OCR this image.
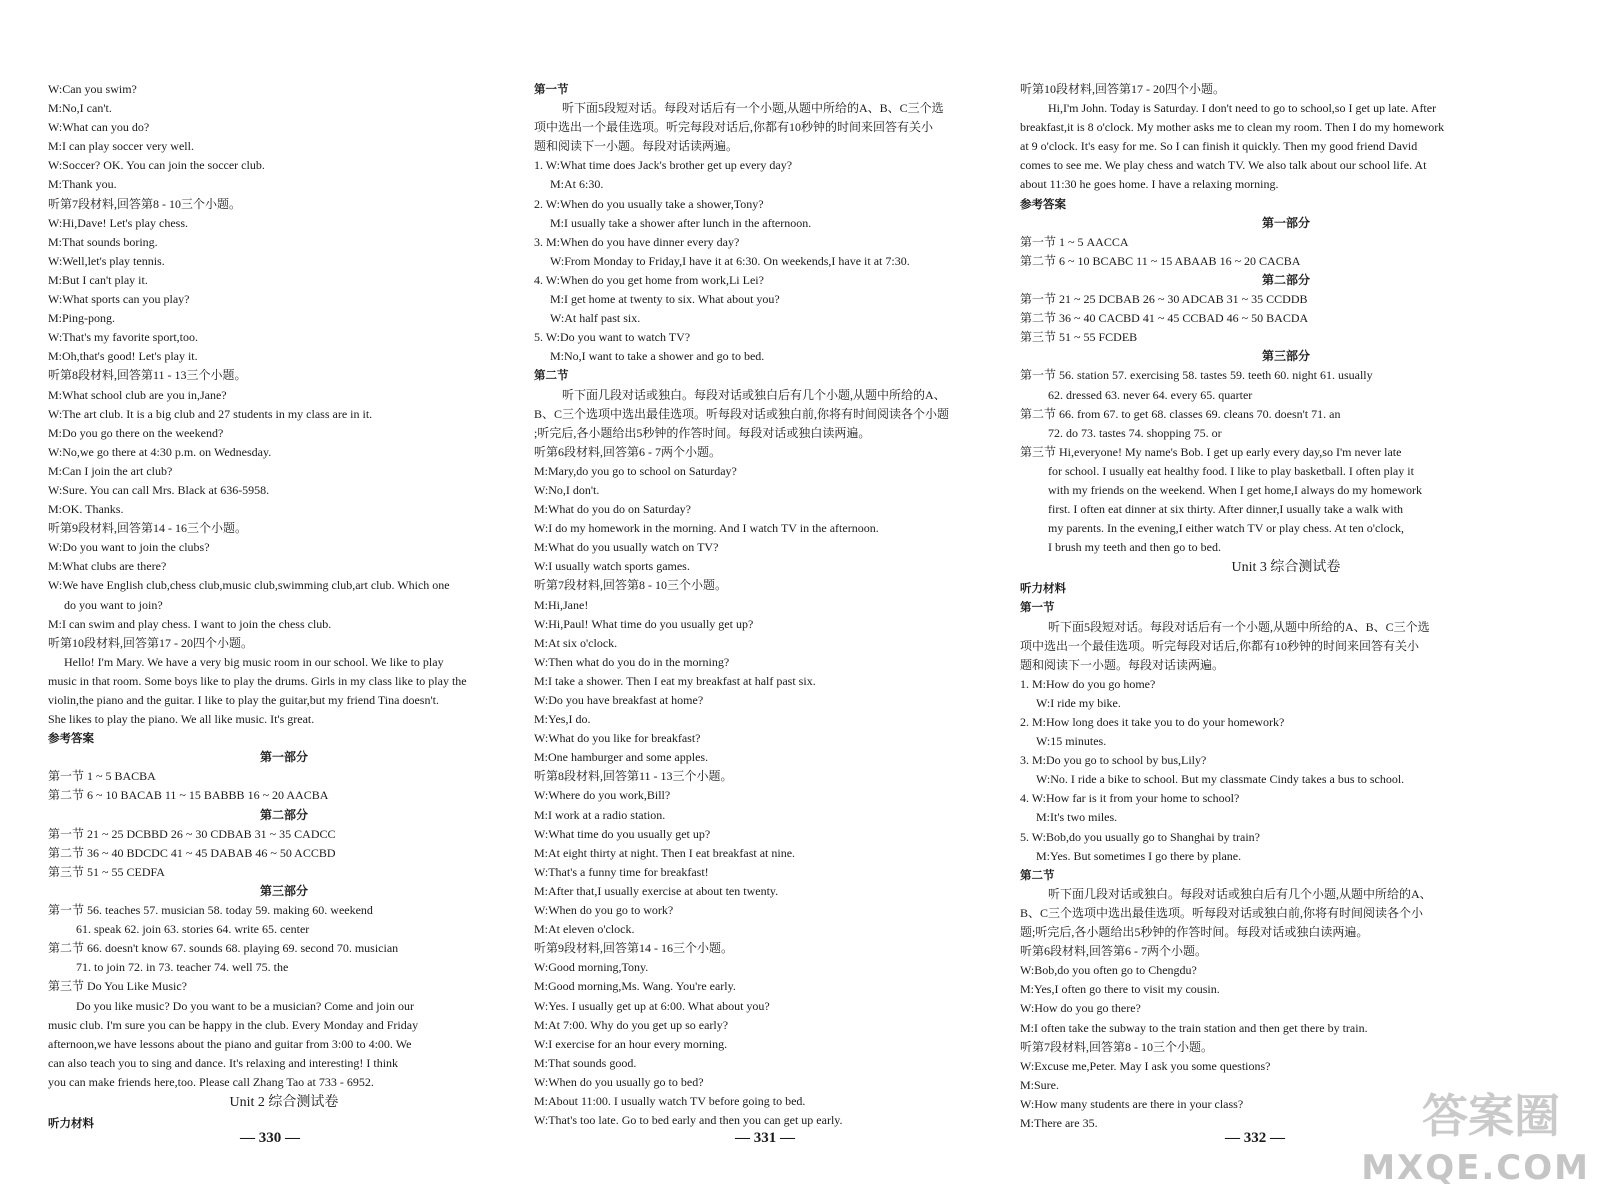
W:Can you swim?
M:No,I can't.
W:What can you do?
M:I can play soccer very well.
W:Soccer? OK. You can join the soccer club.
M:Thank you.
听第7段材料,回答第8 - 10三个小题。
W:Hi,Dave! Let's play chess.
M:That sounds boring.
W:Well,let's play tennis.
M:But I can't play it.
W:What sports can you play?
M:Ping-pong.
W:That's my favorite sport,too.
M:Oh,that's good! Let's play it.
听第8段材料,回答第11 - 13三个小题。
M:What school club are you in,Jane?
W:The art club. It is a big club and 27 students in my class are in it.
M:Do you go there on the weekend?
W:No,we go there at 4:30 p.m. on Wednesday.
M:Can I join the art club?
W:Sure. You can call Mrs. Black at 636-5958.
M:OK. Thanks.
听第9段材料,回答第14 - 16三个小题。
W:Do you want to join the clubs?
M:What clubs are there?
W:We have English club,chess club,music club,swimming club,art club. Which one
do you want to join?
M:I can swim and play chess. I want to join the chess club.
听第10段材料,回答第17 - 20四个小题。
Hello! I'm Mary. We have a very big music room in our school. We like to play
music in that room. Some boys like to play the drums. Girls in my class like to play the
violin,the piano and the guitar. I like to play the guitar,but my friend Tina doesn't.
She likes to play the piano. We all like music. It's great.
参考答案
第一部分
第一节 1 ~ 5 BACBA
第二节 6 ~ 10 BACAB 11 ~ 15 BABBB 16 ~ 20 AACBA
第二部分
第一节 21 ~ 25 DCBBD 26 ~ 30 CDBAB 31 ~ 35 CADCC
第二节 36 ~ 40 BDCDC 41 ~ 45 DABAB 46 ~ 50 ACCBD
第三节 51 ~ 55 CEDFA
第三部分
第一节 56. teaches 57. musician 58. today 59. making 60. weekend
61. speak 62. join 63. stories 64. write 65. center
第二节 66. doesn't know 67. sounds 68. playing 69. second 70. musician
71. to join 72. in 73. teacher 74. well 75. the
第三节 Do You Like Music?
Do you like music? Do you want to be a musician? Come and join our
music club. I'm sure you can be happy in the club. Every Monday and Friday
afternoon,we have lessons about the piano and guitar from 3:00 to 4:00. We
can also teach you to sing and dance. It's relaxing and interesting! I think
you can make friends here,too. Please call Zhang Tao at 733 - 6952.
Unit 2 综合测试卷
听力材料
第一节
听下面5段短对话。每段对话后有一个小题,从题中所给的A、B、C三个选
项中选出一个最佳选项。听完每段对话后,你都有10秒钟的时间来回答有关小
题和阅读下一小题。每段对话读两遍。
1. W:What time does Jack's brother get up every day?
M:At 6:30.
2. W:When do you usually take a shower,Tony?
M:I usually take a shower after lunch in the afternoon.
3. M:When do you have dinner every day?
W:From Monday to Friday,I have it at 6:30. On weekends,I have it at 7:30.
4. W:When do you get home from work,Li Lei?
M:I get home at twenty to six. What about you?
W:At half past six.
5. W:Do you want to watch TV?
M:No,I want to take a shower and go to bed.
第二节
听下面几段对话或独白。每段对话或独白后有几个小题,从题中所给的A、
B、C三个选项中选出最佳选项。听每段对话或独白前,你将有时间阅读各个小题
;听完后,各小题给出5秒钟的作答时间。每段对话或独白读两遍。
听第6段材料,回答第6 - 7两个小题。
M:Mary,do you go to school on Saturday?
W:No,I don't.
M:What do you do on Saturday?
W:I do my homework in the morning. And I watch TV in the afternoon.
M:What do you usually watch on TV?
W:I usually watch sports games.
听第7段材料,回答第8 - 10三个小题。
M:Hi,Jane!
W:Hi,Paul! What time do you usually get up?
M:At six o'clock.
W:Then what do you do in the morning?
M:I take a shower. Then I eat my breakfast at half past six.
W:Do you have breakfast at home?
M:Yes,I do.
W:What do you like for breakfast?
M:One hamburger and some apples.
听第8段材料,回答第11 - 13三个小题。
W:Where do you work,Bill?
M:I work at a radio station.
W:What time do you usually get up?
M:At eight thirty at night. Then I eat breakfast at nine.
W:That's a funny time for breakfast!
M:After that,I usually exercise at about ten twenty.
W:When do you go to work?
M:At eleven o'clock.
听第9段材料,回答第14 - 16三个小题。
W:Good morning,Tony.
M:Good morning,Ms. Wang. You're early.
W:Yes. I usually get up at 6:00. What about you?
M:At 7:00. Why do you get up so early?
W:I exercise for an hour every morning.
M:That sounds good.
W:When do you usually go to bed?
M:About 11:00. I usually watch TV before going to bed.
W:That's too late. Go to bed early and then you can get up early.
听第10段材料,回答第17 - 20四个小题。
Hi,I'm John. Today is Saturday. I don't need to go to school,so I get up late. After
breakfast,it is 8 o'clock. My mother asks me to clean my room. Then I do my homework
at 9 o'clock. It's easy for me. So I can finish it quickly. Then my good friend David
comes to see me. We play chess and watch TV. We also talk about our school life. At
about 11:30 he goes home. I have a relaxing morning.
参考答案
第一部分
第一节 1 ~ 5 AACCA
第二节 6 ~ 10 BCABC 11 ~ 15 ABAAB 16 ~ 20 CACBA
第二部分
第一节 21 ~ 25 DCBAB 26 ~ 30 ADCAB 31 ~ 35 CCDDB
第二节 36 ~ 40 CACBD 41 ~ 45 CCBAD 46 ~ 50 BACDA
第三节 51 ~ 55 FCDEB
第三部分
第一节 56. station 57. exercising 58. tastes 59. teeth 60. night 61. usually
62. dressed 63. never 64. every 65. quarter
第二节 66. from 67. to get 68. classes 69. cleans 70. doesn't 71. an
72. do 73. tastes 74. shopping 75. or
第三节 Hi,everyone! My name's Bob. I get up early every day,so I'm never late
for school. I usually eat healthy food. I like to play basketball. I often play it
with my friends on the weekend. When I get home,I always do my homework
first. I often eat dinner at six thirty. After dinner,I usually take a walk with
my parents. In the evening,I either watch TV or play chess. At ten o'clock,
I brush my teeth and then go to bed.
Unit 3 综合测试卷
听力材料
第一节
听下面5段短对话。每段对话后有一个小题,从题中所给的A、B、C三个选
项中选出一个最佳选项。听完每段对话后,你都有10秒钟的时间来回答有关小
题和阅读下一小题。每段对话读两遍。
1. M:How do you go home?
W:I ride my bike.
2. M:How long does it take you to do your homework?
W:15 minutes.
3. M:Do you go to school by bus,Lily?
W:No. I ride a bike to school. But my classmate Cindy takes a bus to school.
4. W:How far is it from your home to school?
M:It's two miles.
5. W:Bob,do you usually go to Shanghai by train?
M:Yes. But sometimes I go there by plane.
第二节
听下面几段对话或独白。每段对话或独白后有几个小题,从题中所给的A、
B、C三个选项中选出最佳选项。听每段对话或独白前,你将有时间阅读各个小
题;听完后,各小题给出5秒钟的作答时间。每段对话或独白读两遍。
听第6段材料,回答第6 - 7两个小题。
W:Bob,do you often go to Chengdu?
M:Yes,I often go there to visit my cousin.
W:How do you go there?
M:I often take the subway to the train station and then get there by train.
听第7段材料,回答第8 - 10三个小题。
W:Excuse me,Peter. May I ask you some questions?
M:Sure.
W:How many students are there in your class?
M:There are 35.
— 330 —	— 331 —	— 332 —	答案圈
MXQE.COM
